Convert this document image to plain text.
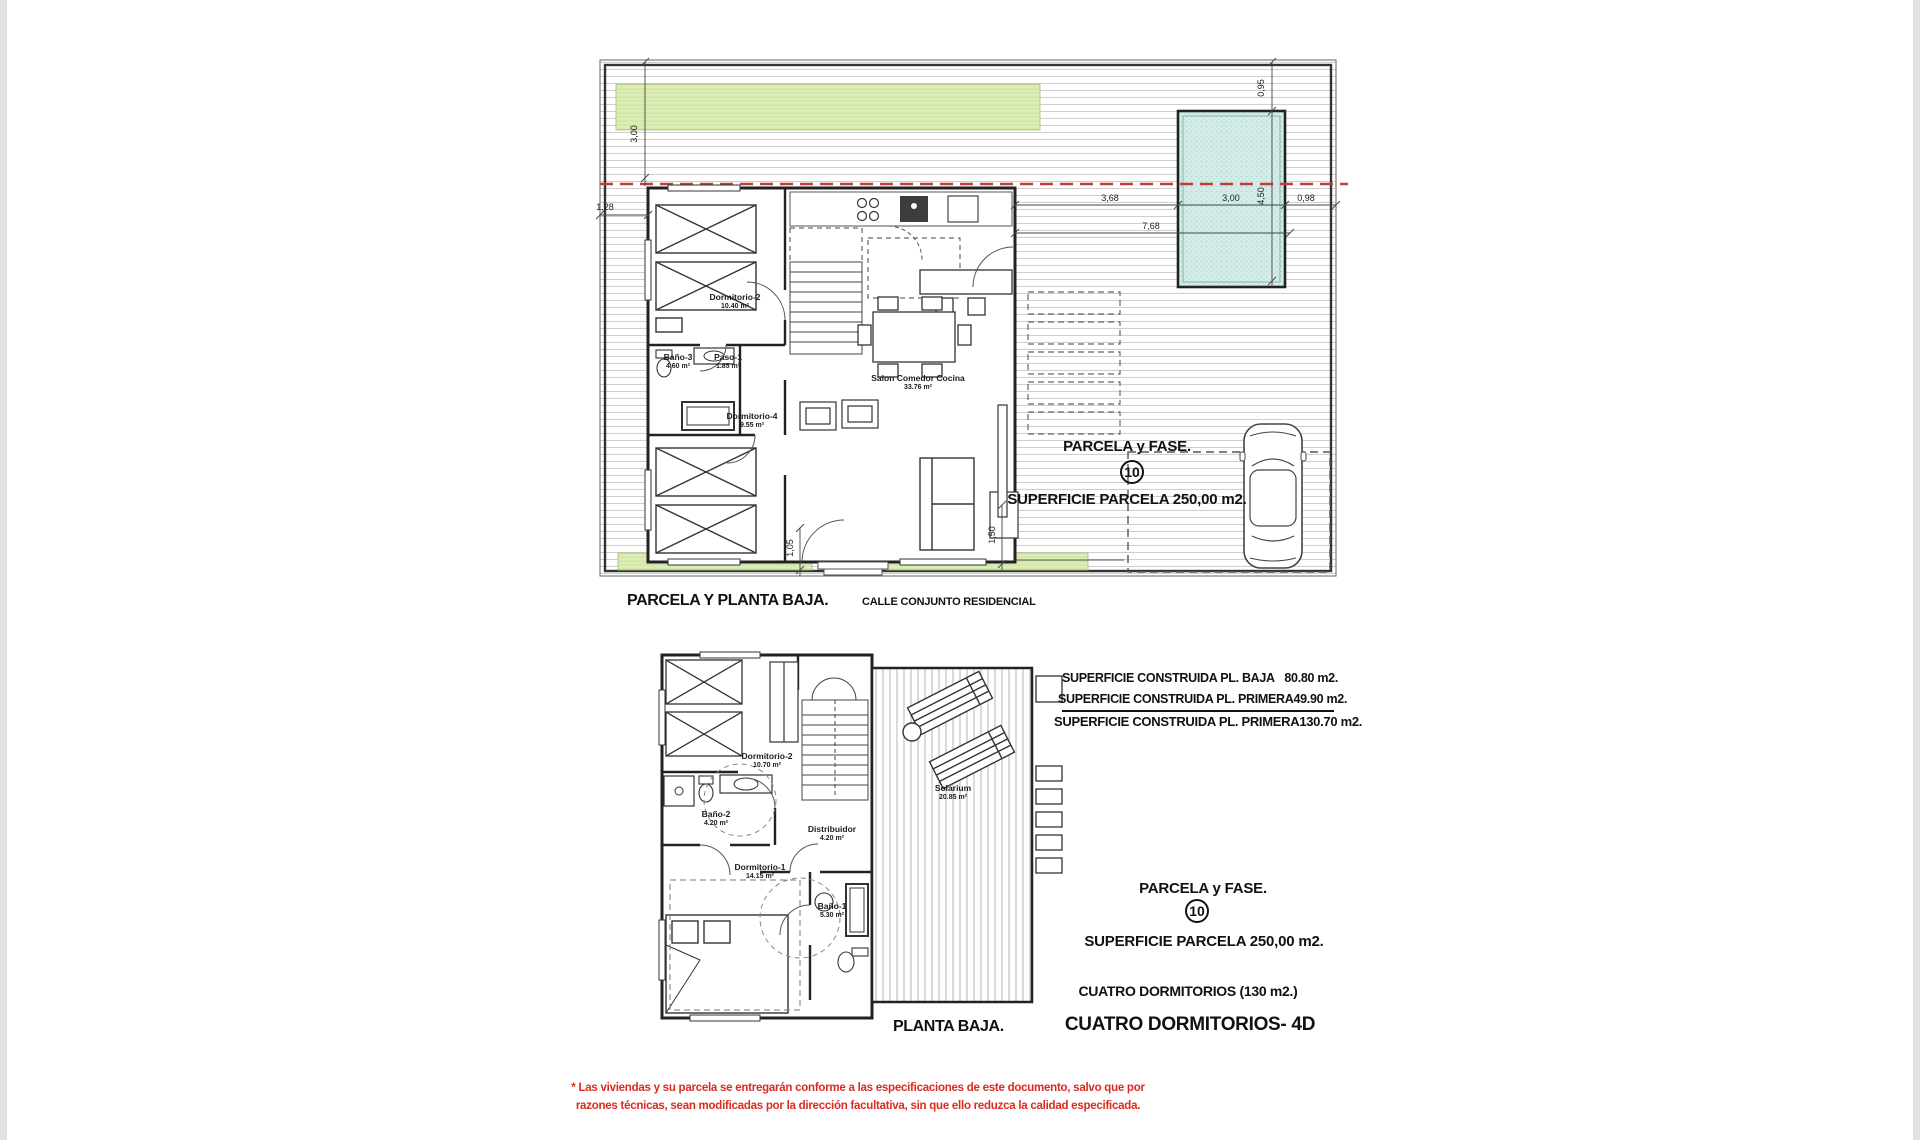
Dormitorio-2
10.40 m²
Baño-3
4.60 m²
Paso-1
1.85 m²
Salon Comedor Cocina
33.76 m²
Dormitorio-4
9.55 m²
3,00
1,28
0,95
3,68	3,00	0,98
7,68
4,50
1,05
1,50
PARCELA y FASE.
10
SUPERFICIE PARCELA 250,00 m2.
PARCELA Y PLANTA BAJA.	CALLE CONJUNTO RESIDENCIAL
Dormitorio-2
10.70 m²
Baño-2
4.20 m²
Distribuidor
4.20 m²
Dormitorio-1
14.15 m²
Baño-1
5.30 m²
Solarium
20.85 m²
PLANTA BAJA.
SUPERFICIE CONSTRUIDA PL. BAJA 80.80 m2.
SUPERFICIE CONSTRUIDA PL. PRIMERA 49.90 m2.
SUPERFICIE CONSTRUIDA PL. PRIMERA 130.70 m2.
PARCELA y FASE.
10
SUPERFICIE PARCELA 250,00 m2.
CUATRO DORMITORIOS (130 m2.)
CUATRO DORMITORIOS- 4D
* Las viviendas y su parcela se entregarán conforme a las especificaciones de este documento, salvo que por
razones técnicas, sean modificadas por la dirección facultativa, sin que ello reduzca la calidad especificada.
